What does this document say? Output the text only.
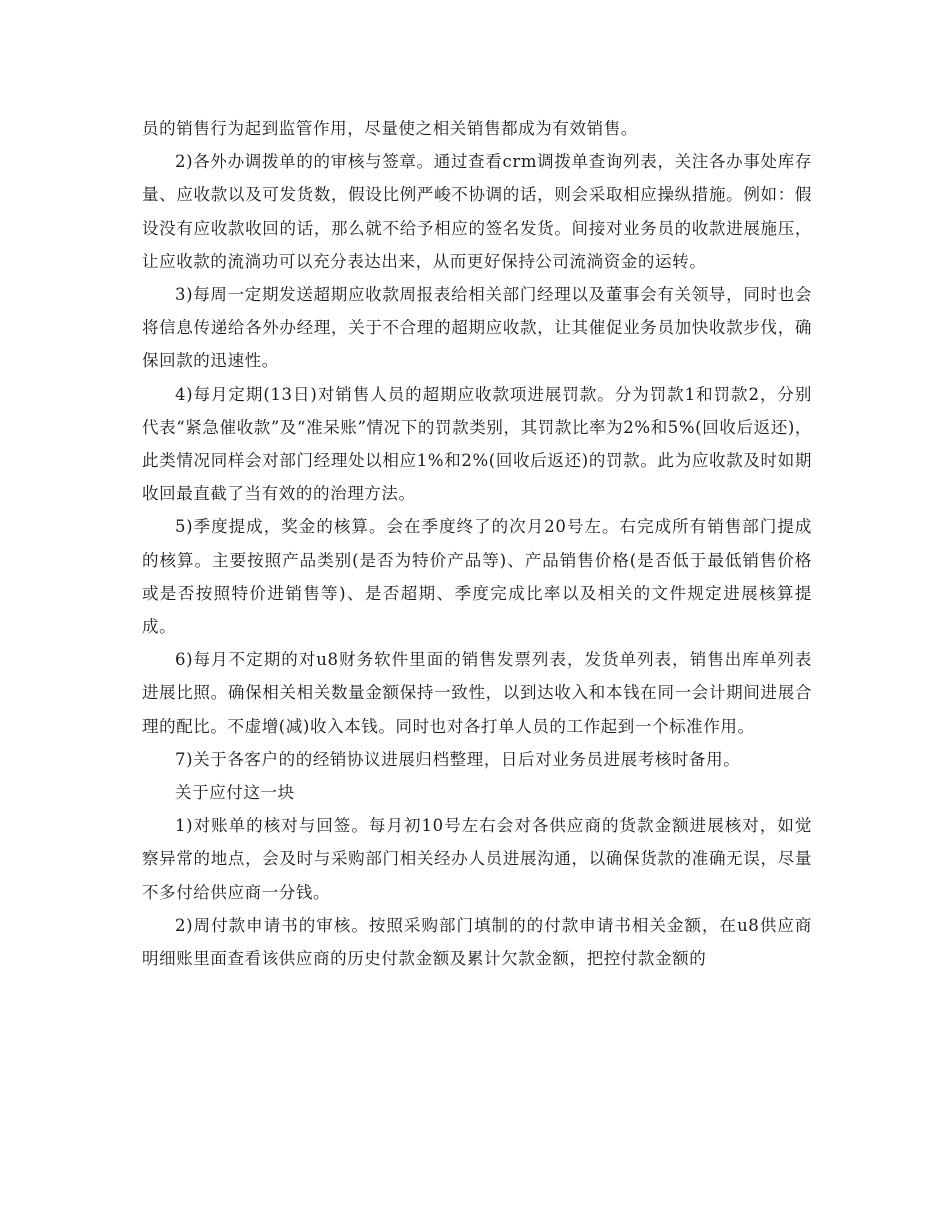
员的销售行为起到监管作用，尽量使之相关销售都成为有效销售。

2)各外办调拨单的的审核与签章。通过查看crm调拨单查询列表，关注各办事处库存量、应收款以及可发货数，假设比例严峻不协调的话，则会采取相应操纵措施。例如：假设没有应收款收回的话，那么就不给予相应的签名发货。间接对业务员的收款进展施压，让应收款的流淌功可以充分表达出来，从而更好保持公司流淌资金的运转。

3)每周一定期发送超期应收款周报表给相关部门经理以及董事会有关领导，同时也会将信息传递给各外办经理，关于不合理的超期应收款，让其催促业务员加快收款步伐，确保回款的迅速性。

4)每月定期(13日)对销售人员的超期应收款项进展罚款。分为罚款1和罚款2，分别代表“紧急催收款”及“准呆账”情况下的罚款类别，其罚款比率为2%和5%(回收后返还)，此类情况同样会对部门经理处以相应1%和2%(回收后返还)的罚款。此为应收款及时如期收回最直截了当有效的的治理方法。

5)季度提成，奖金的核算。会在季度终了的次月20号左。右完成所有销售部门提成的核算。主要按照产品类别(是否为特价产品等)、产品销售价格(是否低于最低销售价格或是否按照特价进销售等)、是否超期、季度完成比率以及相关的文件规定进展核算提成。

6)每月不定期的对u8财务软件里面的销售发票列表，发货单列表，销售出库单列表进展比照。确保相关相关数量金额保持一致性，以到达收入和本钱在同一会计期间进展合理的配比。不虚增(减)收入本钱。同时也对各打单人员的工作起到一个标准作用。

7)关于各客户的的经销协议进展归档整理，日后对业务员进展考核时备用。

关于应付这一块

1)对账单的核对与回签。每月初10号左右会对各供应商的货款金额进展核对，如觉察异常的地点，会及时与采购部门相关经办人员进展沟通，以确保货款的准确无误，尽量不多付给供应商一分钱。

2)周付款申请书的审核。按照采购部门填制的的付款申请书相关金额，在u8供应商明细账里面查看该供应商的历史付款金额及累计欠款金额，把控付款金额的
